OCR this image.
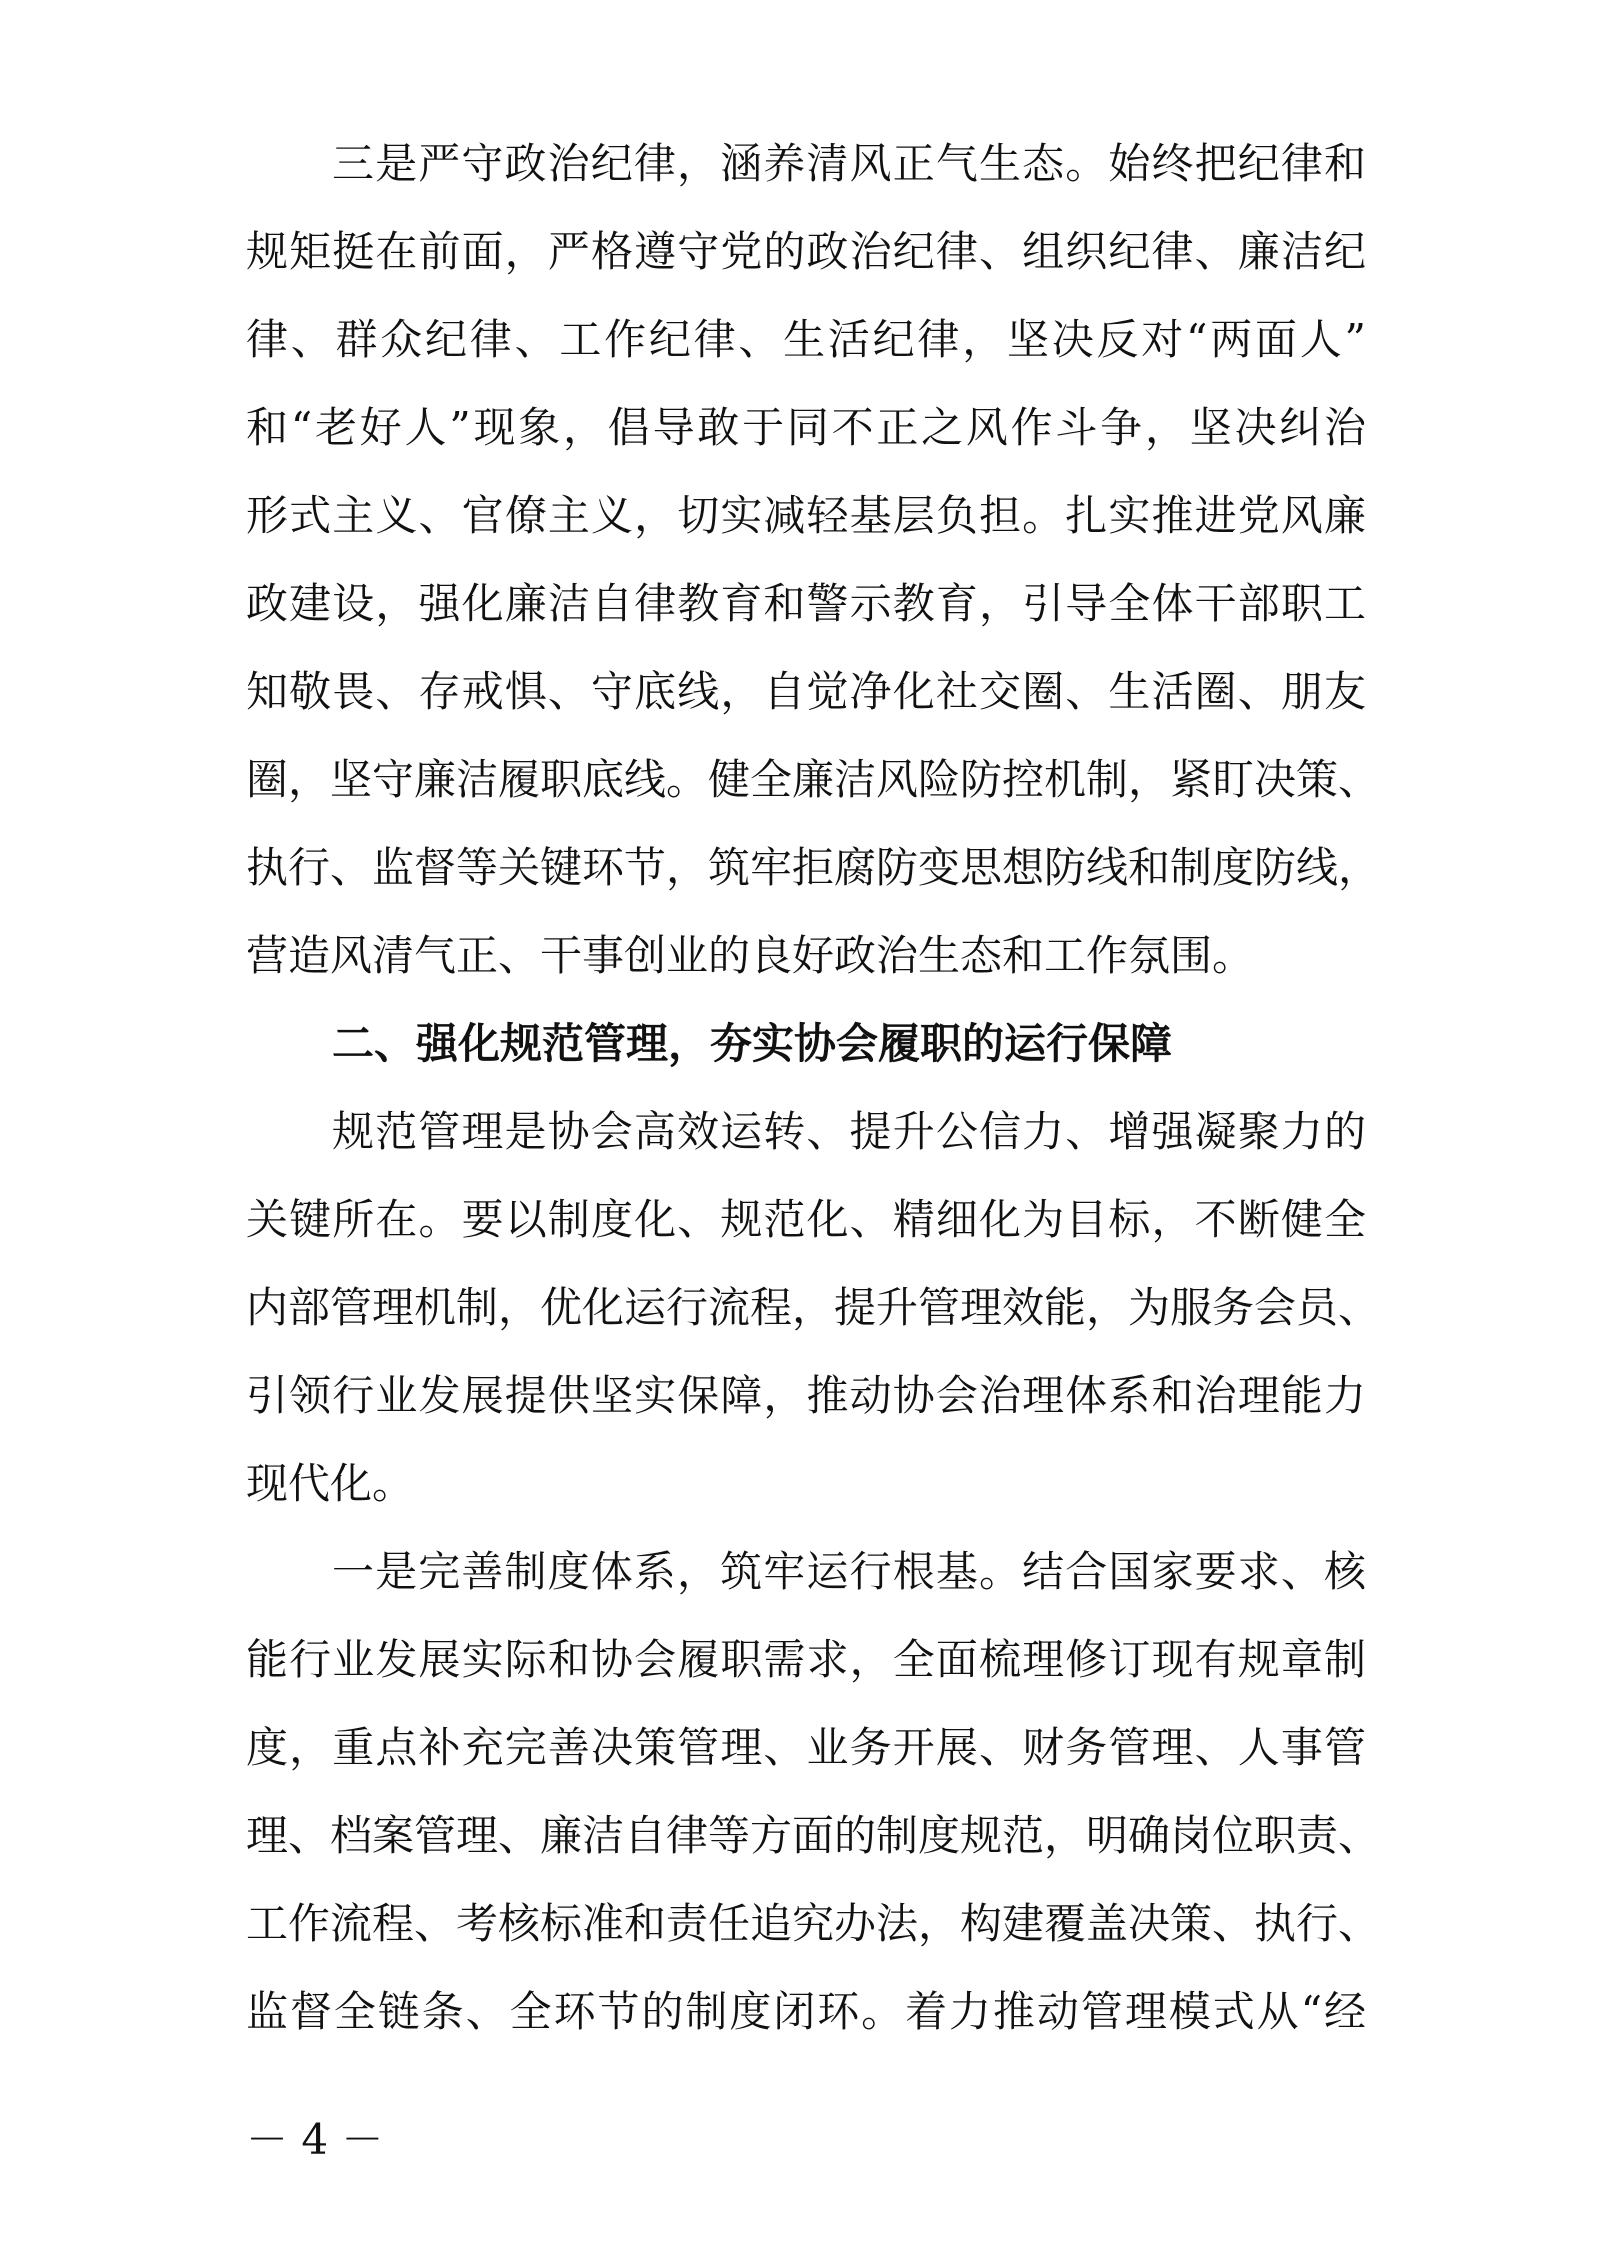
三是严守政治纪律，涵养清风正气生态。始终把纪律和
规矩挺在前面，严格遵守党的政治纪律、组织纪律、廉洁纪
律、群众纪律、工作纪律、生活纪律，坚决反对“两面人”
和“老好人”现象，倡导敢于同不正之风作斗争，坚决纠治
形式主义、官僚主义，切实减轻基层负担。扎实推进党风廉
政建设，强化廉洁自律教育和警示教育，引导全体干部职工
知敬畏、存戒惧、守底线，自觉净化社交圈、生活圈、朋友
圈，坚守廉洁履职底线。健全廉洁风险防控机制，紧盯决策、
执行、监督等关键环节，筑牢拒腐防变思想防线和制度防线，
营造风清气正、干事创业的良好政治生态和工作氛围。
二、强化规范管理，夯实协会履职的运行保障
规范管理是协会高效运转、提升公信力、增强凝聚力的
关键所在。要以制度化、规范化、精细化为目标，不断健全
内部管理机制，优化运行流程，提升管理效能，为服务会员、
引领行业发展提供坚实保障，推动协会治理体系和治理能力
现代化。
一是完善制度体系，筑牢运行根基。结合国家要求、核
能行业发展实际和协会履职需求，全面梳理修订现有规章制
度，重点补充完善决策管理、业务开展、财务管理、人事管
理、档案管理、廉洁自律等方面的制度规范，明确岗位职责、
工作流程、考核标准和责任追究办法，构建覆盖决策、执行、
监督全链条、全环节的制度闭环。着力推动管理模式从“经
－ 4 －
